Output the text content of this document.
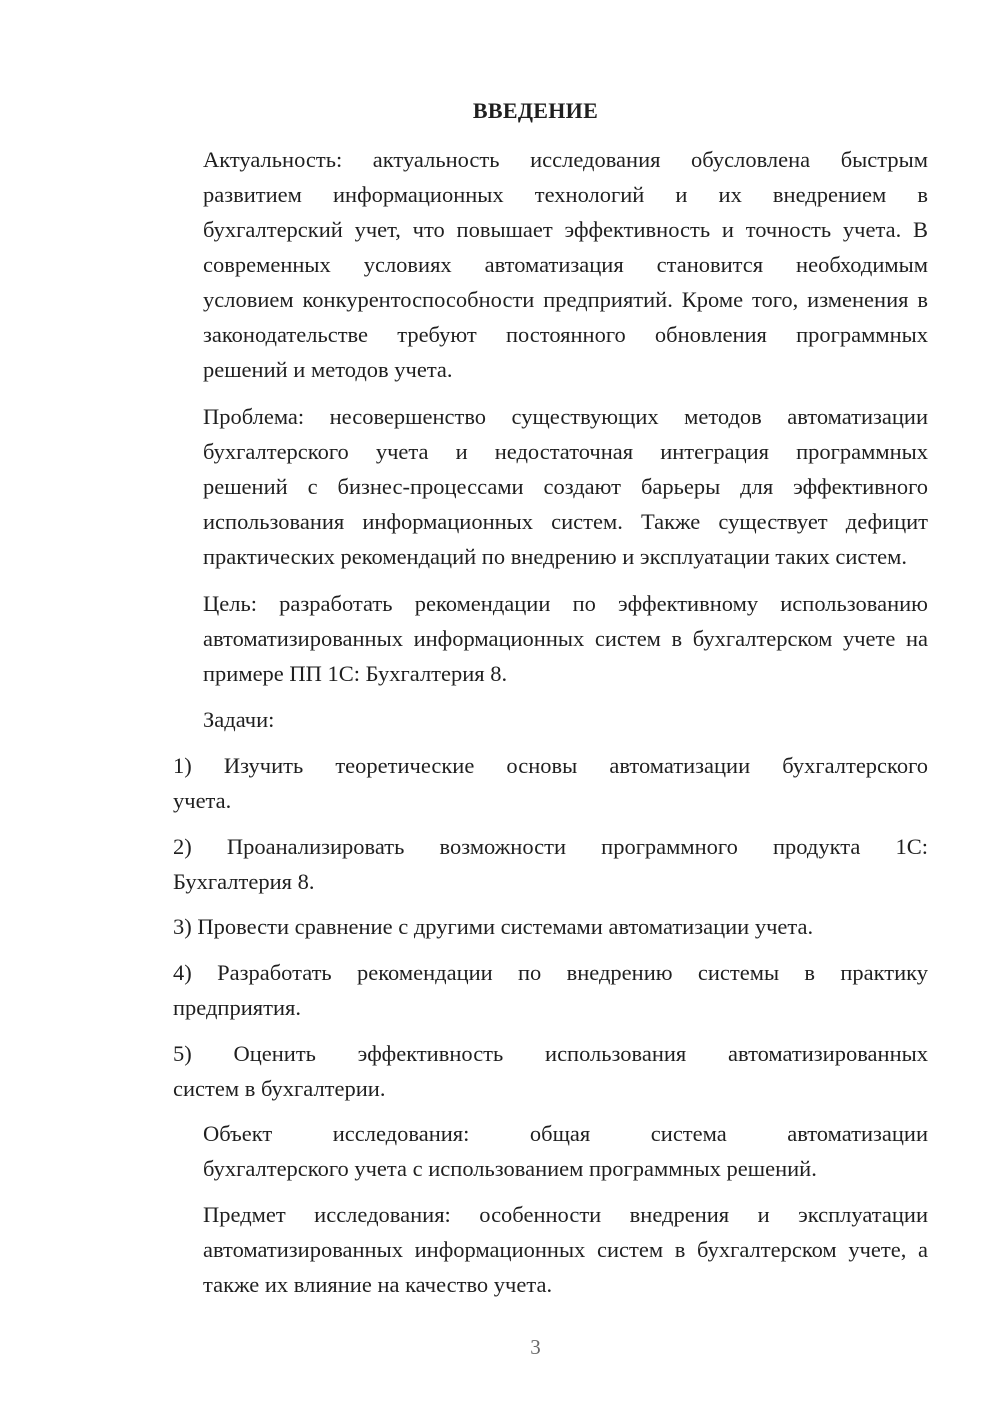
ВВЕДЕНИЕ

Актуальность: актуальность исследования обусловлена быстрым
развитием информационных технологий и их внедрением в
бухгалтерский учет, что повышает эффективность и точность учета. В
современных условиях автоматизация становится необходимым
условием конкурентоспособности предприятий. Кроме того, изменения в
законодательстве требуют постоянного обновления программных
решений и методов учета.

Проблема: несовершенство существующих методов автоматизации
бухгалтерского учета и недостаточная интеграция программных
решений с бизнес-процессами создают барьеры для эффективного
использования информационных систем. Также существует дефицит
практических рекомендаций по внедрению и эксплуатации таких систем.

Цель: разработать рекомендации по эффективному использованию
автоматизированных информационных систем в бухгалтерском учете на
примере ПП 1С: Бухгалтерия 8.

Задачи:

1) Изучить теоретические основы автоматизации бухгалтерского
учета.

2) Проанализировать возможности программного продукта 1С:
Бухгалтерия 8.

3) Провести сравнение с другими системами автоматизации учета.

4) Разработать рекомендации по внедрению системы в практику
предприятия.

5) Оценить эффективность использования автоматизированных
систем в бухгалтерии.

Объект исследования: общая система автоматизации
бухгалтерского учета с использованием программных решений.

Предмет исследования: особенности внедрения и эксплуатации
автоматизированных информационных систем в бухгалтерском учете, а
также их влияние на качество учета.

3
